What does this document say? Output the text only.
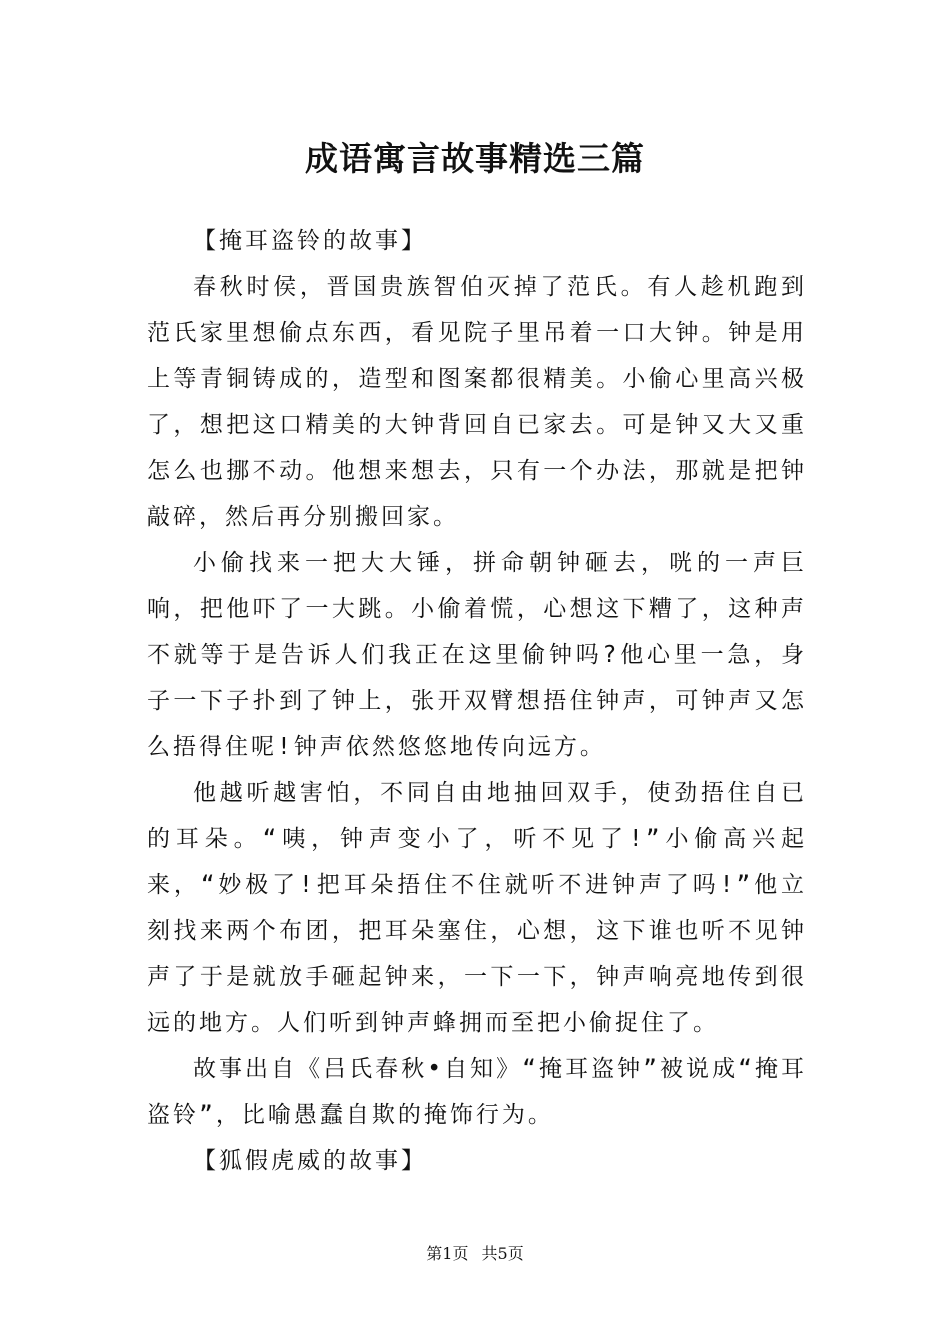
成语寓言故事精选三篇
【掩耳盗铃的故事】

春秋时侯，晋国贵族智伯灭掉了范氏。有人趁机跑到范氏家里想偷点东西，看见院子里吊着一口大钟。钟是用上等青铜铸成的，造型和图案都很精美。小偷心里高兴极了，想把这口精美的大钟背回自已家去。可是钟又大又重怎么也挪不动。他想来想去，只有一个办法，那就是把钟敲碎，然后再分别搬回家。

小偷找来一把大大锤，拼命朝钟砸去，咣的一声巨响，把他吓了一大跳。小偷着慌，心想这下糟了，这种声不就等于是告诉人们我正在这里偷钟吗?他心里一急，身子一下子扑到了钟上，张开双臂想捂住钟声，可钟声又怎么捂得住呢!钟声依然悠悠地传向远方。

他越听越害怕，不同自由地抽回双手，使劲捂住自已的耳朵。“咦，钟声变小了，听不见了!”小偷高兴起来，“妙极了!把耳朵捂住不住就听不进钟声了吗!”他立刻找来两个布团，把耳朵塞住，心想，这下谁也听不见钟声了于是就放手砸起钟来，一下一下，钟声响亮地传到很远的地方。人们听到钟声蜂拥而至把小偷捉住了。

故事出自《吕氏春秋•自知》“掩耳盗钟”被说成“掩耳盗铃”，比喻愚蠢自欺的掩饰行为。

【狐假虎威的故事】
第1页 共5页
